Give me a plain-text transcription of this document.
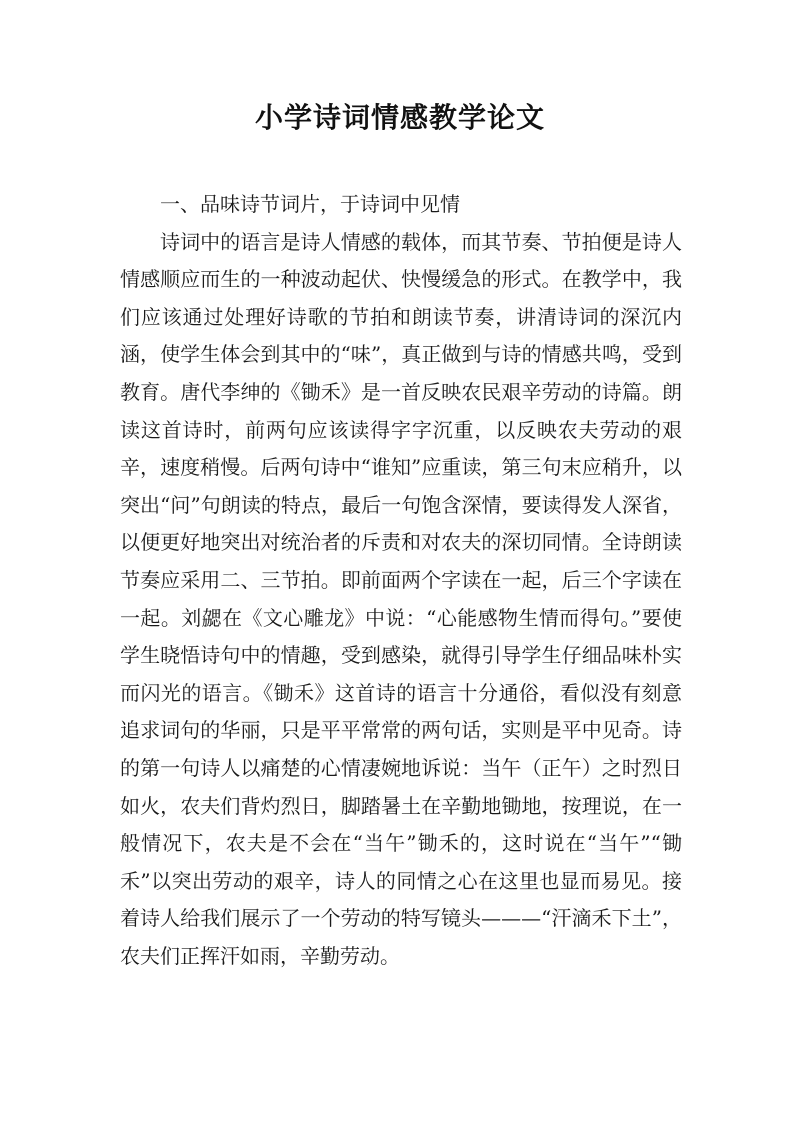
小学诗词情感教学论文

一、品味诗节词片，于诗词中见情

诗词中的语言是诗人情感的载体，而其节奏、节拍便是诗人情感顺应而生的一种波动起伏、快慢缓急的形式。在教学中，我们应该通过处理好诗歌的节拍和朗读节奏，讲清诗词的深沉内涵，使学生体会到其中的“味”，真正做到与诗的情感共鸣，受到教育。唐代李绅的《锄禾》是一首反映农民艰辛劳动的诗篇。朗读这首诗时，前两句应该读得字字沉重，以反映农夫劳动的艰辛，速度稍慢。后两句诗中“谁知”应重读，第三句末应稍升，以突出“问”句朗读的特点，最后一句饱含深情，要读得发人深省，以便更好地突出对统治者的斥责和对农夫的深切同情。全诗朗读节奏应采用二、三节拍。即前面两个字读在一起，后三个字读在一起。刘勰在《文心雕龙》中说：“心能感物生情而得句。”要使学生晓悟诗句中的情趣，受到感染，就得引导学生仔细品味朴实而闪光的语言。《锄禾》这首诗的语言十分通俗，看似没有刻意追求词句的华丽，只是平平常常的两句话，实则是平中见奇。诗的第一句诗人以痛楚的心情凄婉地诉说：当午（正午）之时烈日如火，农夫们背灼烈日，脚踏暑土在辛勤地锄地，按理说，在一般情况下，农夫是不会在“当午”锄禾的，这时说在“当午”“锄禾”以突出劳动的艰辛，诗人的同情之心在这里也显而易见。接着诗人给我们展示了一个劳动的特写镜头———“汗滴禾下土”，农夫们正挥汗如雨，辛勤劳动。
